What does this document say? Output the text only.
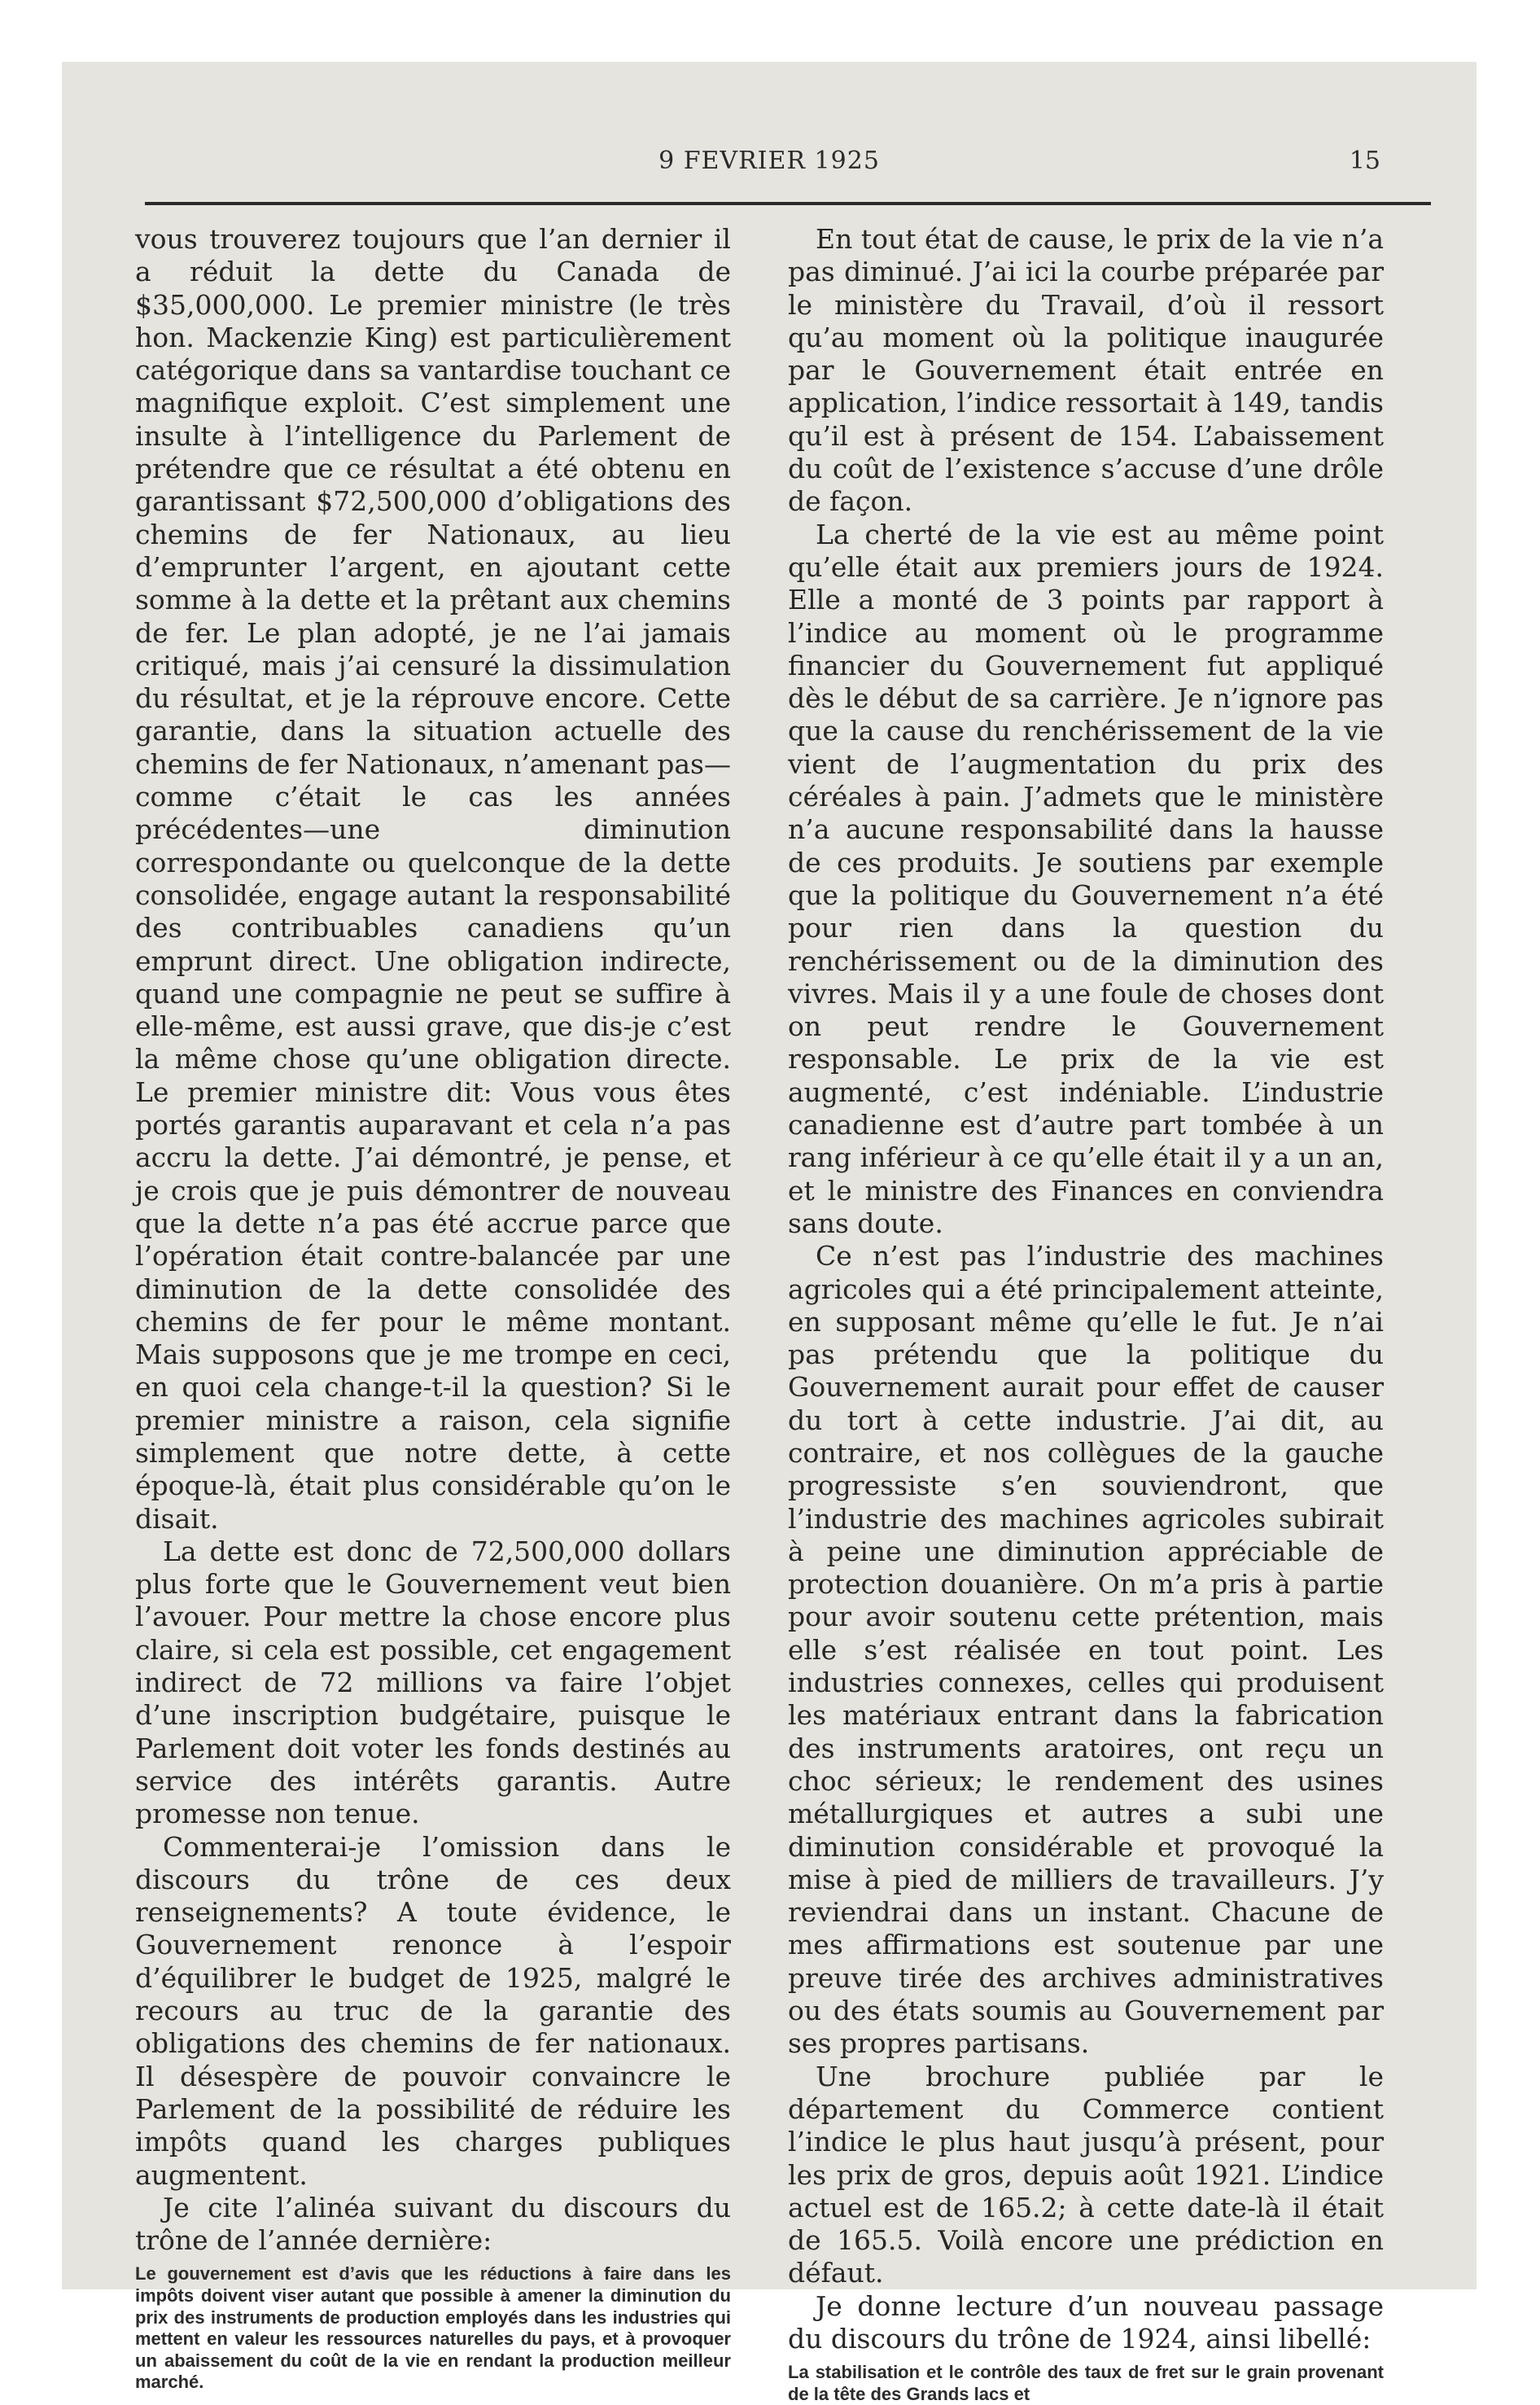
9 FEVRIER 1925	15

vous trouverez toujours que l’an dernier il a réduit la dette du Canada de $35,000,000. Le premier ministre (le très hon. Mackenzie King) est particulièrement catégorique dans sa vantardise touchant ce magnifique exploit. C’est simplement une insulte à l’intelligence du Parlement de prétendre que ce résultat a été obtenu en garantissant $72,500,000 d’obligations des chemins de fer Nationaux, au lieu d’emprunter l’argent, en ajoutant cette somme à la dette et la prêtant aux chemins de fer. Le plan adopté, je ne l’ai jamais critiqué, mais j’ai censuré la dissimulation du résultat, et je la réprouve encore. Cette garantie, dans la situation actuelle des chemins de fer Nationaux, n’amenant pas—comme c’était le cas les années précédentes—une diminution correspondante ou quelconque de la dette consolidée, engage autant la responsabilité des contribuables canadiens qu’un emprunt direct. Une obligation indirecte, quand une compagnie ne peut se suffire à elle-même, est aussi grave, que dis-je c’est la même chose qu’une obligation directe. Le premier ministre dit: Vous vous êtes portés garantis auparavant et cela n’a pas accru la dette. J’ai démontré, je pense, et je crois que je puis démontrer de nouveau que la dette n’a pas été accrue parce que l’opération était contre-balancée par une diminution de la dette consolidée des chemins de fer pour le même montant. Mais supposons que je me trompe en ceci, en quoi cela change-t-il la question? Si le premier ministre a raison, cela signifie simplement que notre dette, à cette époque-là, était plus considérable qu’on le disait.

La dette est donc de 72,500,000 dollars plus forte que le Gouvernement veut bien l’avouer. Pour mettre la chose encore plus claire, si cela est possible, cet engagement indirect de 72 millions va faire l’objet d’une inscription budgétaire, puisque le Parlement doit voter les fonds destinés au service des intérêts garantis. Autre promesse non tenue.

Commenterai-je l’omission dans le discours du trône de ces deux renseignements? A toute évidence, le Gouvernement renonce à l’espoir d’équilibrer le budget de 1925, malgré le recours au truc de la garantie des obligations des chemins de fer nationaux. Il désespère de pouvoir convaincre le Parlement de la possibilité de réduire les impôts quand les charges publiques augmentent.

Je cite l’alinéa suivant du discours du trône de l’année dernière:

Le gouvernement est d’avis que les réductions à faire dans les impôts doivent viser autant que possible à amener la diminution du prix des instruments de production employés dans les industries qui mettent en valeur les ressources naturelles du pays, et à provoquer un abaissement du coût de la vie en rendant la production meilleur marché.

En tout état de cause, le prix de la vie n’a pas diminué. J’ai ici la courbe préparée par le ministère du Travail, d’où il ressort qu’au moment où la politique inaugurée par le Gouvernement était entrée en application, l’indice ressortait à 149, tandis qu’il est à présent de 154. L’abaissement du coût de l’existence s’accuse d’une drôle de façon.

La cherté de la vie est au même point qu’elle était aux premiers jours de 1924. Elle a monté de 3 points par rapport à l’indice au moment où le programme financier du Gouvernement fut appliqué dès le début de sa carrière. Je n’ignore pas que la cause du renchérissement de la vie vient de l’augmentation du prix des céréales à pain. J’admets que le ministère n’a aucune responsabilité dans la hausse de ces produits. Je soutiens par exemple que la politique du Gouvernement n’a été pour rien dans la question du renchérissement ou de la diminution des vivres. Mais il y a une foule de choses dont on peut rendre le Gouvernement responsable. Le prix de la vie est augmenté, c’est indéniable. L’industrie canadienne est d’autre part tombée à un rang inférieur à ce qu’elle était il y a un an, et le ministre des Finances en conviendra sans doute.

Ce n’est pas l’industrie des machines agricoles qui a été principalement atteinte, en supposant même qu’elle le fut. Je n’ai pas prétendu que la politique du Gouvernement aurait pour effet de causer du tort à cette industrie. J’ai dit, au contraire, et nos collègues de la gauche progressiste s’en souviendront, que l’industrie des machines agricoles subirait à peine une diminution appréciable de protection douanière. On m’a pris à partie pour avoir soutenu cette prétention, mais elle s’est réalisée en tout point. Les industries connexes, celles qui produisent les matériaux entrant dans la fabrication des instruments aratoires, ont reçu un choc sérieux; le rendement des usines métallurgiques et autres a subi une diminution considérable et provoqué la mise à pied de milliers de travailleurs. J’y reviendrai dans un instant. Chacune de mes affirmations est soutenue par une preuve tirée des archives administratives ou des états soumis au Gouvernement par ses propres partisans.

Une brochure publiée par le département du Commerce contient l’indice le plus haut jusqu’à présent, pour les prix de gros, depuis août 1921. L’indice actuel est de 165.2; à cette date-là il était de 165.5. Voilà encore une prédiction en défaut.

Je donne lecture d’un nouveau passage du discours du trône de 1924, ainsi libellé:

La stabilisation et le contrôle des taux de fret sur le grain provenant de la tête des Grands lacs et
